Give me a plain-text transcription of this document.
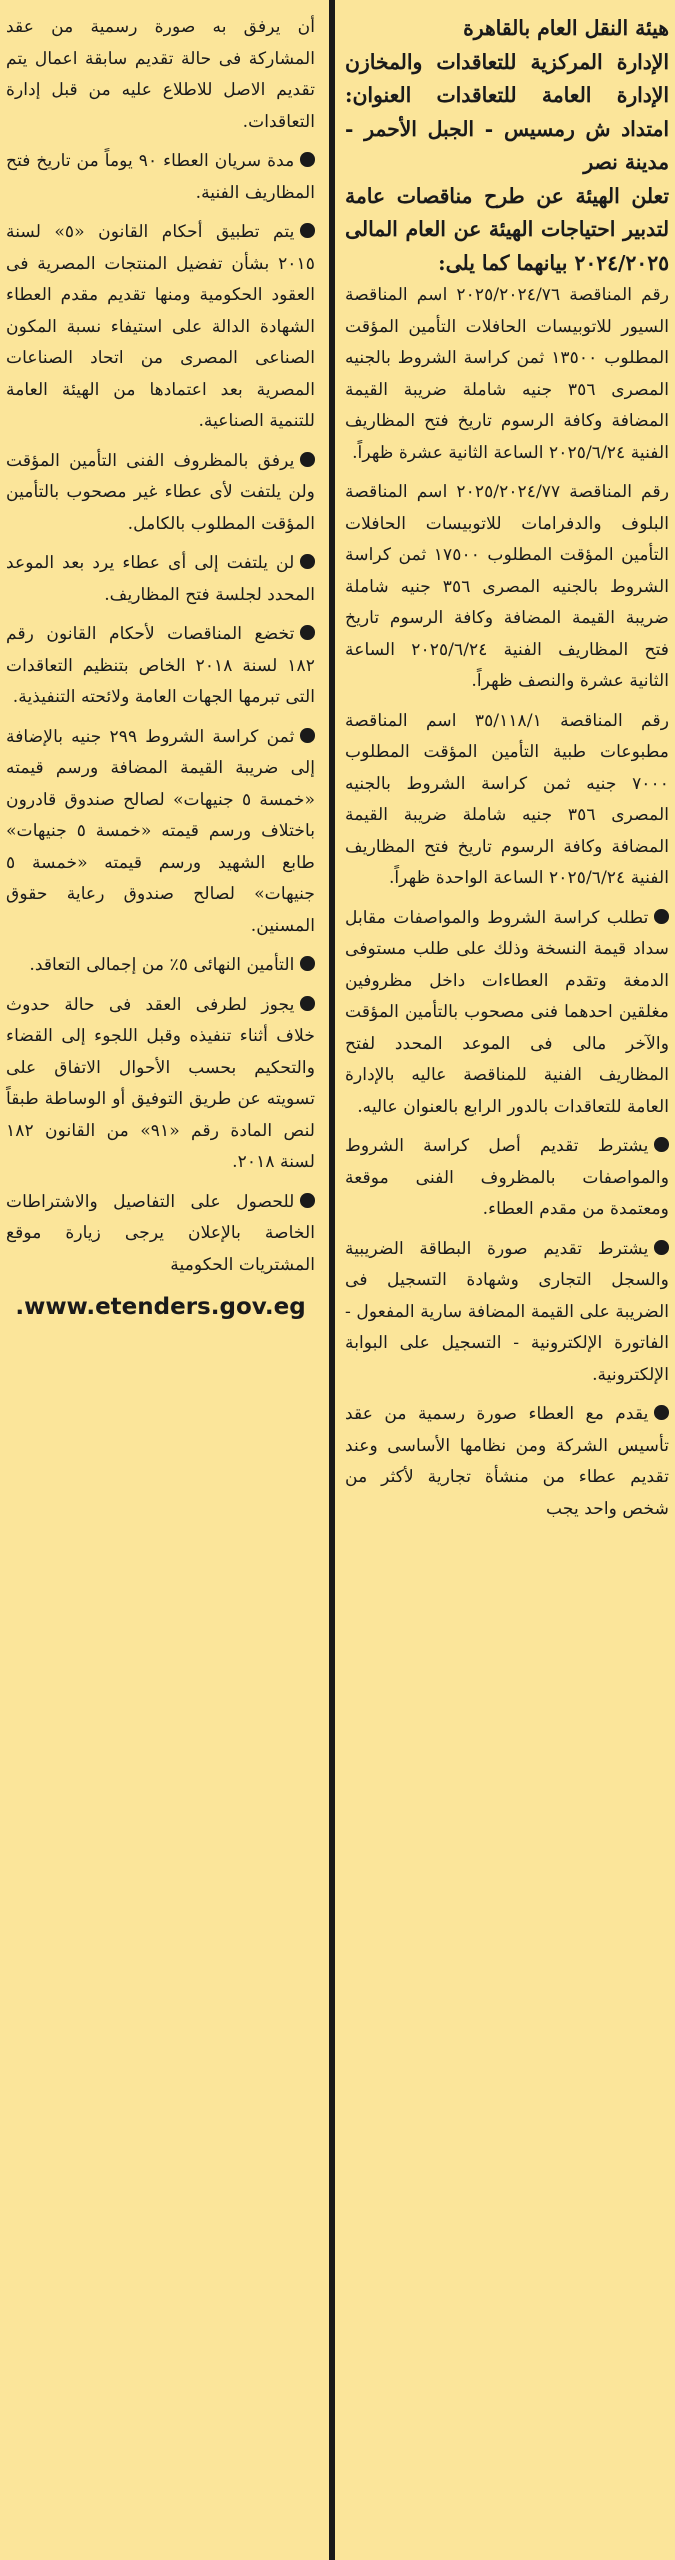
هيئة النقل العام بالقاهرة

الإدارة المركزية للتعاقدات والمخازن الإدارة العامة للتعاقدات العنوان: امتداد ش رمسيس - الجبل الأحمر - مدينة نصر

تعلن الهيئة عن طرح مناقصات عامة لتدبير احتياجات الهيئة عن العام المالى ٢٠٢٤/٢٠٢٥ بيانهما كما يلى:

رقم المناقصة ٢٠٢٥/٢٠٢٤/٧٦ اسم المناقصة السيور للاتوبيسات الحافلات التأمين المؤقت المطلوب ١٣٥٠٠ ثمن كراسة الشروط بالجنيه المصرى ٣٥٦ جنيه شاملة ضريبة القيمة المضافة وكافة الرسوم تاريخ فتح المظاريف الفنية ٢٠٢٥/٦/٢٤ الساعة الثانية عشرة ظهراً.

رقم المناقصة ٢٠٢٥/٢٠٢٤/٧٧ اسم المناقصة البلوف والدفرامات للاتوبيسات الحافلات التأمين المؤقت المطلوب ١٧٥٠٠ ثمن كراسة الشروط بالجنيه المصرى ٣٥٦ جنيه شاملة ضريبة القيمة المضافة وكافة الرسوم تاريخ فتح المظاريف الفنية ٢٠٢٥/٦/٢٤ الساعة الثانية عشرة والنصف ظهراً.

رقم المناقصة ٣٥/١١٨/١ اسم المناقصة مطبوعات طبية التأمين المؤقت المطلوب ٧٠٠٠ جنيه ثمن كراسة الشروط بالجنيه المصرى ٣٥٦ جنيه شاملة ضريبة القيمة المضافة وكافة الرسوم تاريخ فتح المظاريف الفنية ٢٠٢٥/٦/٢٤ الساعة الواحدة ظهراً.

تطلب كراسة الشروط والمواصفات مقابل سداد قيمة النسخة وذلك على طلب مستوفى الدمغة وتقدم العطاءات داخل مظروفين مغلقين احدهما فنى مصحوب بالتأمين المؤقت والآخر مالى فى الموعد المحدد لفتح المظاريف الفنية للمناقصة عاليه بالإدارة العامة للتعاقدات بالدور الرابع بالعنوان عاليه.

يشترط تقديم أصل كراسة الشروط والمواصفات بالمظروف الفنى موقعة ومعتمدة من مقدم العطاء.

يشترط تقديم صورة البطاقة الضريبية والسجل التجارى وشهادة التسجيل فى الضريبة على القيمة المضافة سارية المفعول - الفاتورة الإلكترونية - التسجيل على البوابة الإلكترونية.

يقدم مع العطاء صورة رسمية من عقد تأسيس الشركة ومن نظامها الأساسى وعند تقديم عطاء من منشأة تجارية لأكثر من شخص واحد يجب

أن يرفق به صورة رسمية من عقد المشاركة فى حالة تقديم سابقة اعمال يتم تقديم الاصل للاطلاع عليه من قبل إدارة التعاقدات.

مدة سريان العطاء ٩٠ يوماً من تاريخ فتح المظاريف الفنية.

يتم تطبيق أحكام القانون «٥» لسنة ٢٠١٥ بشأن تفضيل المنتجات المصرية فى العقود الحكومية ومنها تقديم مقدم العطاء الشهادة الدالة على استيفاء نسبة المكون الصناعى المصرى من اتحاد الصناعات المصرية بعد اعتمادها من الهيئة العامة للتنمية الصناعية.

يرفق بالمظروف الفنى التأمين المؤقت ولن يلتفت لأى عطاء غير مصحوب بالتأمين المؤقت المطلوب بالكامل.

لن يلتفت إلى أى عطاء يرد بعد الموعد المحدد لجلسة فتح المظاريف.

تخضع المناقصات لأحكام القانون رقم ١٨٢ لسنة ٢٠١٨ الخاص بتنظيم التعاقدات التى تبرمها الجهات العامة ولائحته التنفيذية.

ثمن كراسة الشروط ٢٩٩ جنيه بالإضافة إلى ضريبة القيمة المضافة ورسم قيمته «خمسة ٥ جنيهات» لصالح صندوق قادرون باختلاف ورسم قيمته «خمسة ٥ جنيهات» طابع الشهيد ورسم قيمته «خمسة ٥ جنيهات» لصالح صندوق رعاية حقوق المسنين.

التأمين النهائى ٥٪ من إجمالى التعاقد.

يجوز لطرفى العقد فى حالة حدوث خلاف أثناء تنفيذه وقبل اللجوء إلى القضاء والتحكيم بحسب الأحوال الاتفاق على تسويته عن طريق التوفيق أو الوساطة طبقاً لنص المادة رقم «٩١» من القانون ١٨٢ لسنة ٢٠١٨.

للحصول على التفاصيل والاشتراطات الخاصة بالإعلان يرجى زيارة موقع المشتريات الحكومية

.www.etenders.gov.eg
